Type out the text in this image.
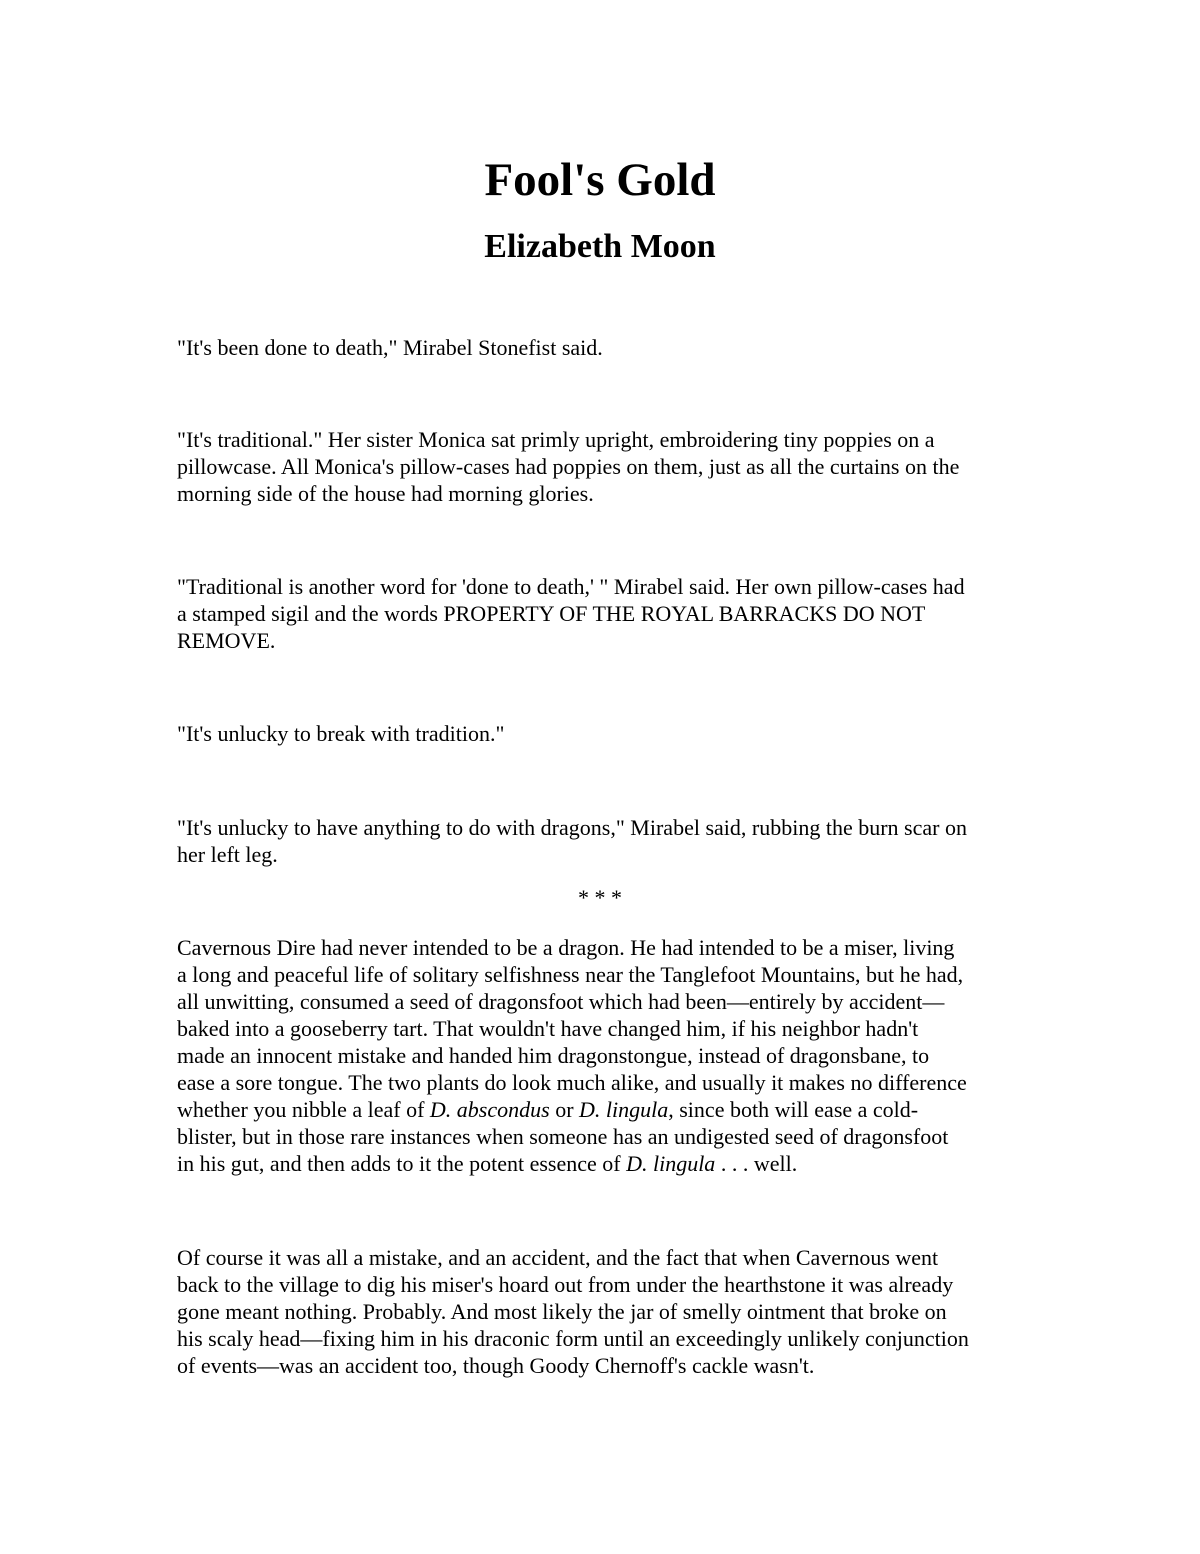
Fool's Gold
Elizabeth Moon

"It's been done to death," Mirabel Stonefist said.

"It's traditional." Her sister Monica sat primly upright, embroidering tiny poppies on a
pillowcase. All Monica's pillow-cases had poppies on them, just as all the curtains on the
morning side of the house had morning glories.

"Traditional is another word for 'done to death,' " Mirabel said. Her own pillow-cases had
a stamped sigil and the words PROPERTY OF THE ROYAL BARRACKS DO NOT
REMOVE.

"It's unlucky to break with tradition."

"It's unlucky to have anything to do with dragons," Mirabel said, rubbing the burn scar on
her left leg.

* * *

Cavernous Dire had never intended to be a dragon. He had intended to be a miser, living
a long and peaceful life of solitary selfishness near the Tanglefoot Mountains, but he had,
all unwitting, consumed a seed of dragonsfoot which had been—entirely by accident—
baked into a gooseberry tart. That wouldn't have changed him, if his neighbor hadn't
made an innocent mistake and handed him dragonstongue, instead of dragonsbane, to
ease a sore tongue. The two plants do look much alike, and usually it makes no difference
whether you nibble a leaf of D. abscondus or D. lingula, since both will ease a cold-
blister, but in those rare instances when someone has an undigested seed of dragonsfoot
in his gut, and then adds to it the potent essence of D. lingula . . . well.

Of course it was all a mistake, and an accident, and the fact that when Cavernous went
back to the village to dig his miser's hoard out from under the hearthstone it was already
gone meant nothing. Probably. And most likely the jar of smelly ointment that broke on
his scaly head—fixing him in his draconic form until an exceedingly unlikely conjunction
of events—was an accident too, though Goody Chernoff's cackle wasn't.
